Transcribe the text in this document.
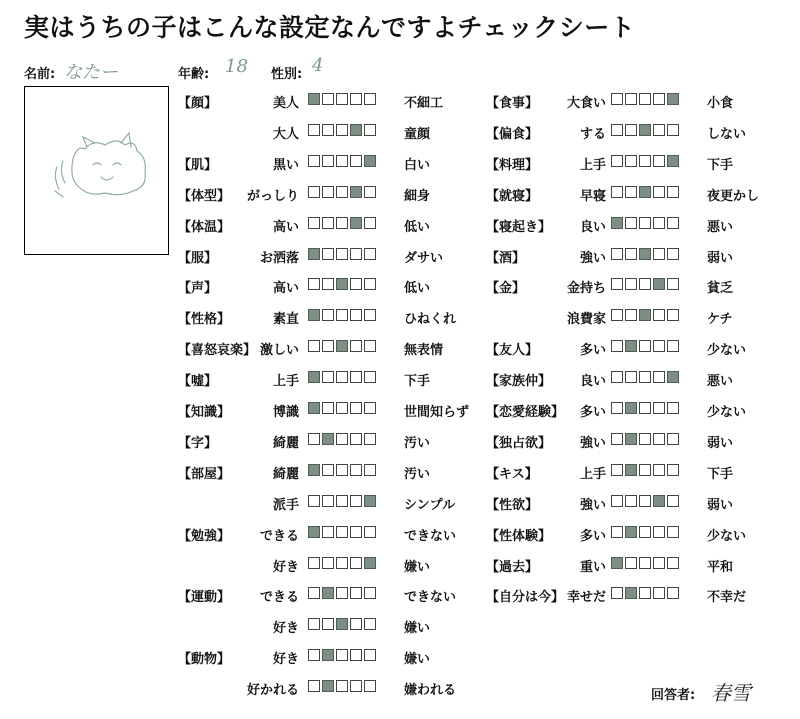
実はうちの子はこんな設定なんですよチェックシート
名前: なたー	年齢: 18 性別: 4
【顔】	美人	不細工
大人	童顔
【肌】	黒い	白い
【体型】 がっしり	細身
【体温】	高い	低い
【服】	お洒落	ダサい
【声】	高い	低い
【性格】	素直	ひねくれ
【喜怒哀楽】 激しい	無表情
【嘘】	上手	下手
【知識】	博識	世間知らず
【字】	綺麗	汚い
【部屋】	綺麗	汚い
派手	シンプル
【勉強】 できる	できない
好き	嫌い
【運動】 できる	できない
好き	嫌い
【動物】	好き	嫌い
好かれる	嫌われる
【食事】 大食い	小食
【偏食】	する	しない
【料理】	上手	下手
【就寝】	早寝	夜更かし
【寝起き】 良い	悪い
【酒】	強い	弱い
【金】	金持ち	貧乏
浪費家	ケチ
【友人】	多い	少ない
【家族仲】 良い	悪い
【恋愛経験】 多い	少ない
【独占欲】 強い	弱い
【キス】	上手	下手
【性欲】	強い	弱い
【性体験】 多い	少ない
【過去】	重い	平和
【自分は今】 幸せだ	不幸だ
回答者: 春雪
